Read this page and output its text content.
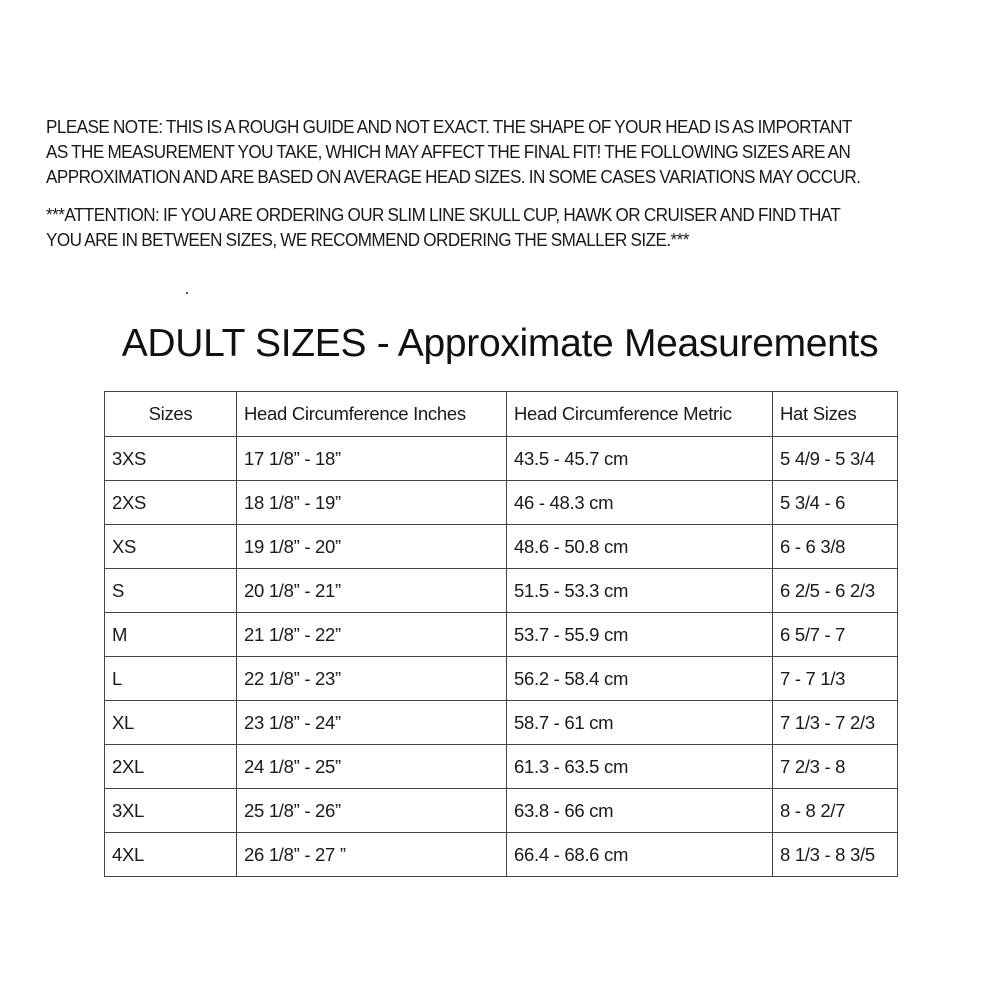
PLEASE NOTE: THIS IS A ROUGH GUIDE AND NOT EXACT. THE SHAPE OF YOUR HEAD IS AS IMPORTANT
AS THE MEASUREMENT YOU TAKE, WHICH MAY AFFECT THE FINAL FIT! THE FOLLOWING SIZES ARE AN
APPROXIMATION AND ARE BASED ON AVERAGE HEAD SIZES. IN SOME CASES VARIATIONS MAY OCCUR.
***ATTENTION: IF YOU ARE ORDERING OUR SLIM LINE SKULL CUP, HAWK OR CRUISER AND FIND THAT
YOU ARE IN BETWEEN SIZES, WE RECOMMEND ORDERING THE SMALLER SIZE.***
ADULT SIZES - Approximate Measurements
Sizes	Head Circumference Inches	Head Circumference Metric	Hat Sizes
3XS	17 1/8” - 18”	43.5 - 45.7 cm	5 4/9 - 5 3/4
2XS	18 1/8” - 19”	46 - 48.3 cm	5 3/4 - 6
XS	19 1/8” - 20”	48.6 - 50.8 cm	6 - 6 3/8
S	20 1/8” - 21”	51.5 - 53.3 cm	6 2/5 - 6 2/3
M	21 1/8” - 22”	53.7 - 55.9 cm	6 5/7 - 7
L	22 1/8” - 23”	56.2 - 58.4 cm	7 - 7 1/3
XL	23 1/8” - 24”	58.7 - 61 cm	7 1/3 - 7 2/3
2XL	24 1/8” - 25”	61.3 - 63.5 cm	7 2/3 - 8
3XL	25 1/8” - 26”	63.8 - 66 cm	8 - 8 2/7
4XL	26 1/8” - 27 ”	66.4 - 68.6 cm	8 1/3 - 8 3/5
